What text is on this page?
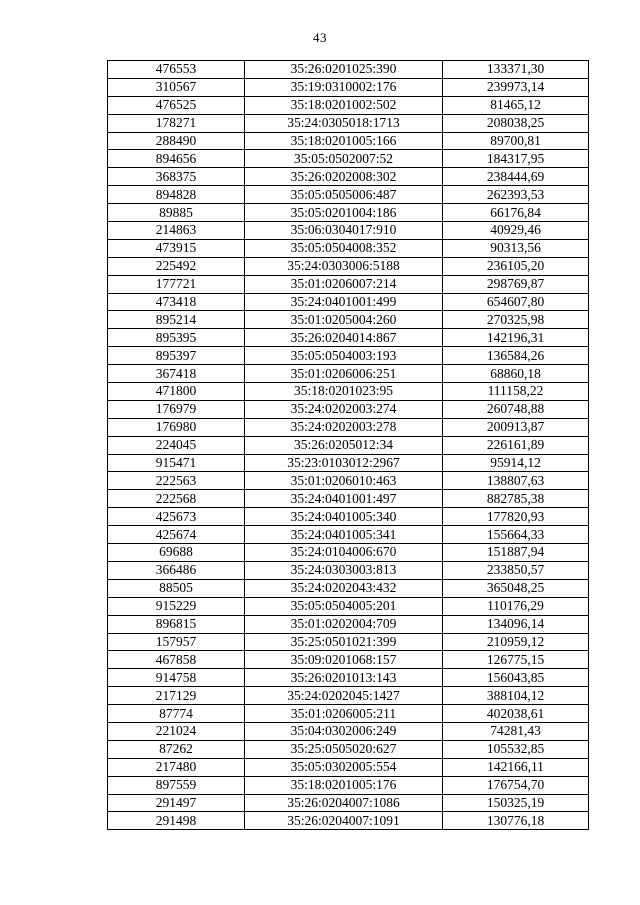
43
476553	35:26:0201025:390	133371,30
310567	35:19:0310002:176	239973,14
476525	35:18:0201002:502	81465,12
178271	35:24:0305018:1713	208038,25
288490	35:18:0201005:166	89700,81
894656	35:05:0502007:52	184317,95
368375	35:26:0202008:302	238444,69
894828	35:05:0505006:487	262393,53
89885	35:05:0201004:186	66176,84
214863	35:06:0304017:910	40929,46
473915	35:05:0504008:352	90313,56
225492	35:24:0303006:5188	236105,20
177721	35:01:0206007:214	298769,87
473418	35:24:0401001:499	654607,80
895214	35:01:0205004:260	270325,98
895395	35:26:0204014:867	142196,31
895397	35:05:0504003:193	136584,26
367418	35:01:0206006:251	68860,18
471800	35:18:0201023:95	111158,22
176979	35:24:0202003:274	260748,88
176980	35:24:0202003:278	200913,87
224045	35:26:0205012:34	226161,89
915471	35:23:0103012:2967	95914,12
222563	35:01:0206010:463	138807,63
222568	35:24:0401001:497	882785,38
425673	35:24:0401005:340	177820,93
425674	35:24:0401005:341	155664,33
69688	35:24:0104006:670	151887,94
366486	35:24:0303003:813	233850,57
88505	35:24:0202043:432	365048,25
915229	35:05:0504005:201	110176,29
896815	35:01:0202004:709	134096,14
157957	35:25:0501021:399	210959,12
467858	35:09:0201068:157	126775,15
914758	35:26:0201013:143	156043,85
217129	35:24:0202045:1427	388104,12
87774	35:01:0206005:211	402038,61
221024	35:04:0302006:249	74281,43
87262	35:25:0505020:627	105532,85
217480	35:05:0302005:554	142166,11
897559	35:18:0201005:176	176754,70
291497	35:26:0204007:1086	150325,19
291498	35:26:0204007:1091	130776,18
